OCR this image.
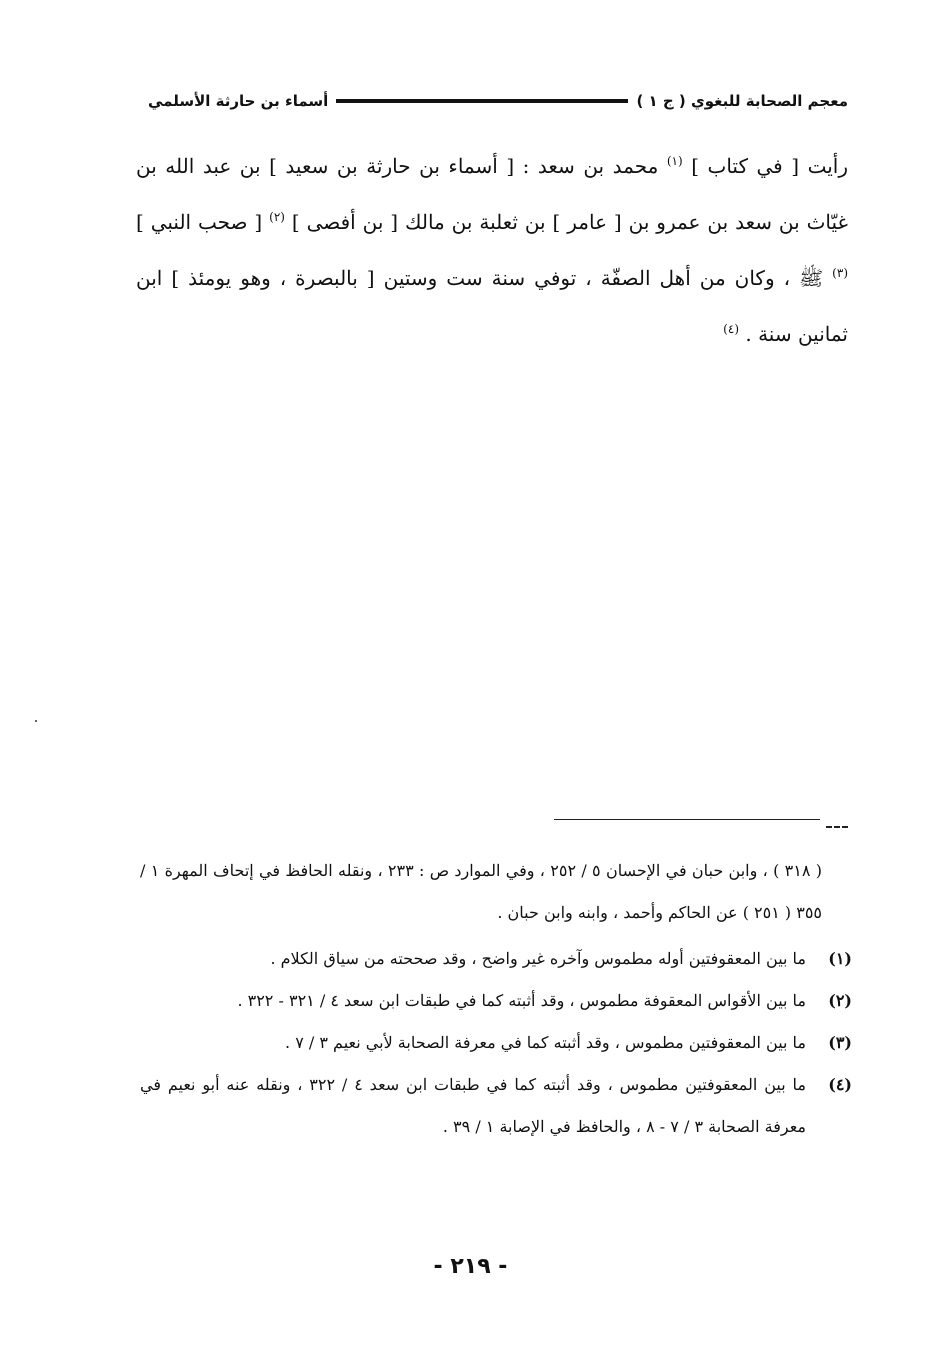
معجم الصحابة للبغوي ( ج ١ )
أسماء بن حارثة الأسلمي

رأيت [ في كتاب ] $^{(١)}$ محمد بن سعد : [ أسماء بن حارثة بن سعيد ] بن عبد الله بن غيّاث بن سعد بن عمرو بن [ عامر ] بن ثعلبة بن مالك [ بن أفصى ] $^{(٢)}$ [ صحب النبي ] $^{(٣)}$ ﷺ ، وكان من أهل الصفّة ، توفي سنة ست وستين [ بالبصرة ، وهو يومئذ ] ابن ثمانين سنة . $^{(٤)}$

( ٣١٨ ) ، وابن حبان في الإحسان ٥ / ٢٥٢ ، وفي الموارد ص : ٢٣٣ ، ونقله الحافظ في إتحاف المهرة ١ / ٣٥٥ ( ٢٥١ ) عن الحاكم وأحمد ، وابنه وابن حبان .

(١)
ما بين المعقوفتين أوله مطموس وآخره غير واضح ، وقد صححته من سياق الكلام .
(٢)
ما بين الأقواس المعقوفة مطموس ، وقد أثبته كما في طبقات ابن سعد ٤ / ٣٢١ - ٣٢٢ .
(٣)
ما بين المعقوفتين مطموس ، وقد أثبته كما في معرفة الصحابة لأبي نعيم ٣ / ٧ .
(٤)
ما بين المعقوفتين مطموس ، وقد أثبته كما في طبقات ابن سعد ٤ / ٣٢٢ ، ونقله عنه أبو نعيم في معرفة الصحابة ٣ / ٧ - ٨ ، والحافظ في الإصابة ١ / ٣٩ .
- ٢١٩ -
